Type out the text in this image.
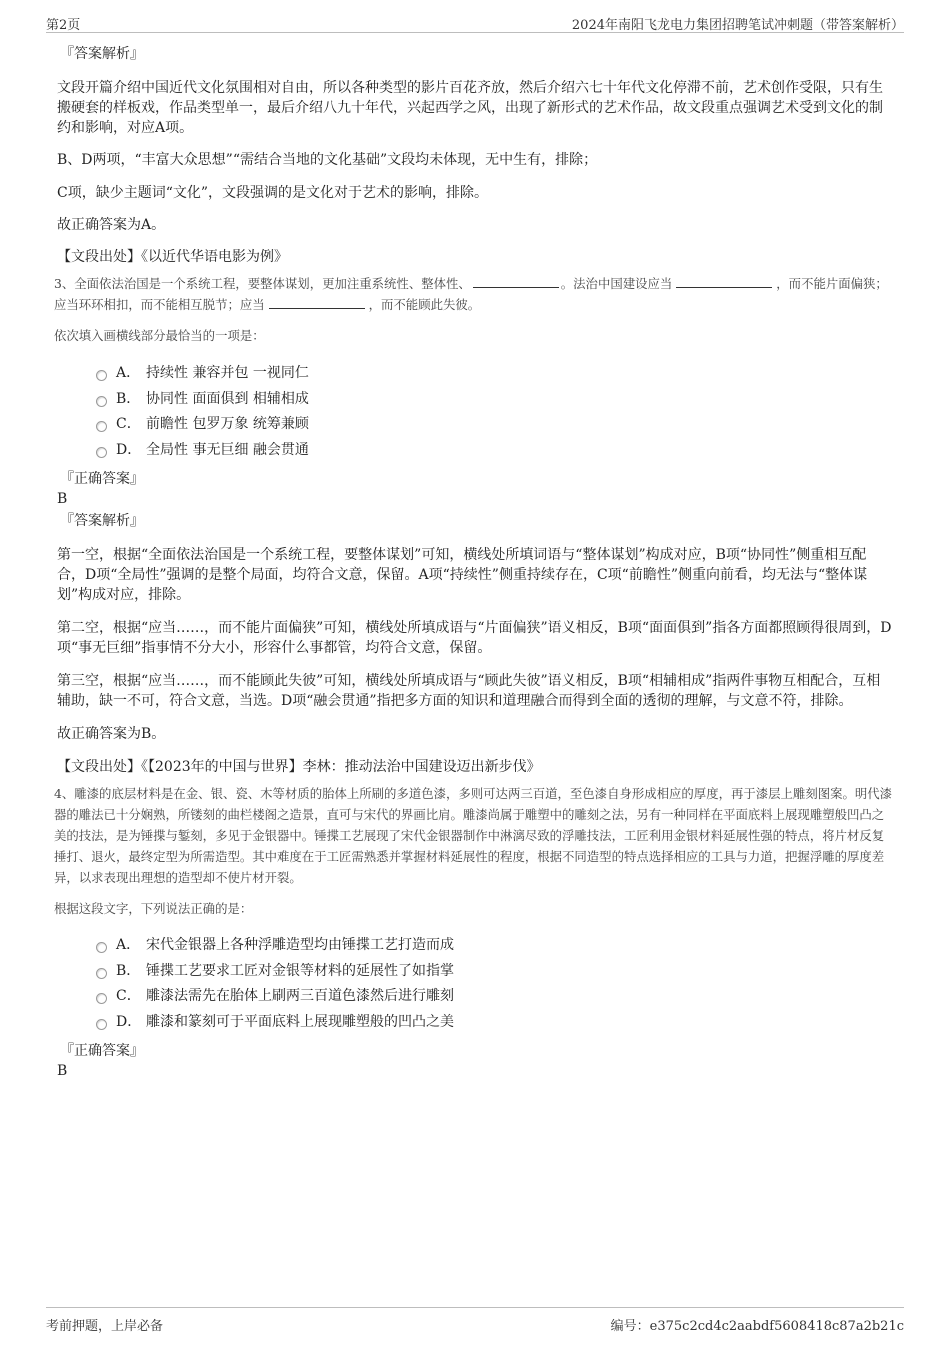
第2页	2024年南阳飞龙电力集团招聘笔试冲刺题（带答案解析）
『答案解析』

文段开篇介绍中国近代文化氛围相对自由，所以各种类型的影片百花齐放，然后介绍六七十年代文化停滞不前，艺术创作受限，只有生搬硬套的样板戏，作品类型单一，最后介绍八九十年代，兴起西学之风，出现了新形式的艺术作品，故文段重点强调艺术受到文化的制约和影响，对应A项。

B、D两项，“丰富大众思想”“需结合当地的文化基础”文段均未体现，无中生有，排除；

C项，缺少主题词“文化”，文段强调的是文化对于艺术的影响，排除。

故正确答案为A。

【文段出处】《以近代华语电影为例》

3、全面依法治国是一个系统工程，要整体谋划，更加注重系统性、整体性、	。法治中国建设应当	，而不能片面偏狭；应当环环相扣，而不能相互脱节；应当	，而不能顾此失彼。

依次填入画横线部分最恰当的一项是：

A． 持续性 兼容并包 一视同仁
B． 协同性 面面俱到 相辅相成
C． 前瞻性 包罗万象 统筹兼顾
D． 全局性 事无巨细 融会贯通
『正确答案』
B
『答案解析』

第一空，根据“全面依法治国是一个系统工程，要整体谋划”可知，横线处所填词语与“整体谋划”构成对应，B项“协同性”侧重相互配合，D项“全局性”强调的是整个局面，均符合文意，保留。A项“持续性”侧重持续存在，C项“前瞻性”侧重向前看，均无法与“整体谋划”构成对应，排除。

第二空，根据“应当……，而不能片面偏狭”可知，横线处所填成语与“片面偏狭”语义相反，B项“面面俱到”指各方面都照顾得很周到，D项“事无巨细”指事情不分大小，形容什么事都管，均符合文意，保留。

第三空，根据“应当……，而不能顾此失彼”可知，横线处所填成语与“顾此失彼”语义相反，B项“相辅相成”指两件事物互相配合，互相辅助，缺一不可，符合文意，当选。D项“融会贯通”指把多方面的知识和道理融合而得到全面的透彻的理解，与文意不符，排除。

故正确答案为B。

【文段出处】《【2023年的中国与世界】李林：推动法治中国建设迈出新步伐》

4、雕漆的底层材料是在金、银、瓷、木等材质的胎体上所刷的多道色漆，多则可达两三百道，至色漆自身形成相应的厚度，再于漆层上雕刻图案。明代漆器的雕法已十分娴熟，所镂刻的曲栏楼阁之造景，直可与宋代的界画比肩。雕漆尚属于雕塑中的雕刻之法，另有一种同样在平面底料上展现雕塑般凹凸之美的技法，是为锤揲与錾刻，多见于金银器中。锤揲工艺展现了宋代金银器制作中淋漓尽致的浮雕技法，工匠利用金银材料延展性强的特点，将片材反复捶打、退火，最终定型为所需造型。其中难度在于工匠需熟悉并掌握材料延展性的程度，根据不同造型的特点选择相应的工具与力道，把握浮雕的厚度差异，以求表现出理想的造型却不使片材开裂。

根据这段文字，下列说法正确的是：

A． 宋代金银器上各种浮雕造型均由锤揲工艺打造而成
B． 锤揲工艺要求工匠对金银等材料的延展性了如指掌
C． 雕漆法需先在胎体上刷两三百道色漆然后进行雕刻
D． 雕漆和篆刻可于平面底料上展现雕塑般的凹凸之美
『正确答案』
B
考前押题，上岸必备	编号：e375c2cd4c2aabdf5608418c87a2b21c
